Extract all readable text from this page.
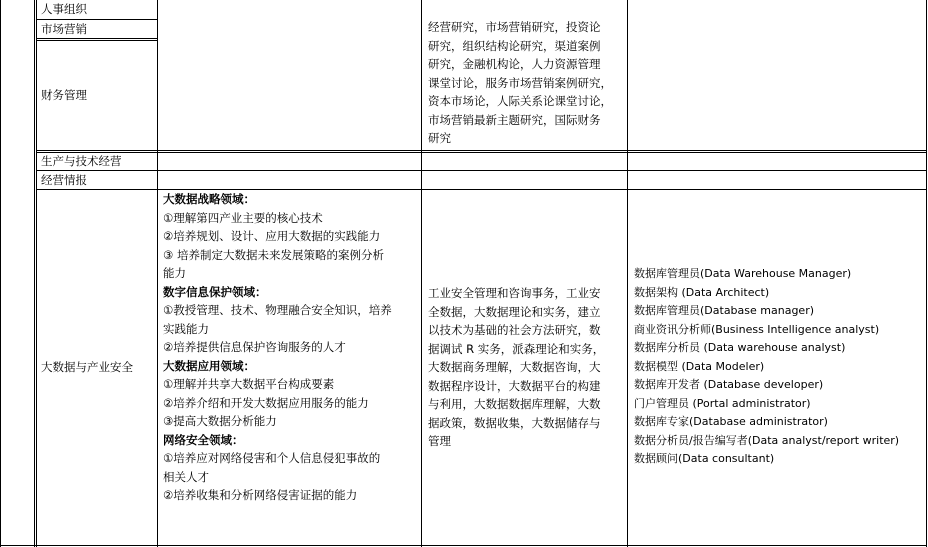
人事组织
市场营销
财务管理
生产与技术经营
经营情报
大数据与产业安全
经营研究，市场营销研究，投资论
研究，组织结构论研究，渠道案例
研究，金融机构论，人力资源管理
课堂讨论，服务市场营销案例研究，
资本市场论，人际关系论课堂讨论，
市场营销最新主题研究，国际财务
研究
大数据战略领域：
①理解第四产业主要的核心技术
②培养规划、设计、应用大数据的实践能力
③ 培养制定大数据未来发展策略的案例分析
能力
数字信息保护领域：
①教授管理、技术、物理融合安全知识，培养
实践能力
②培养提供信息保护咨询服务的人才
大数据应用领域：
①理解并共享大数据平台构成要素
②培养介绍和开发大数据应用服务的能力
③提高大数据分析能力
网络安全领域：
①培养应对网络侵害和个人信息侵犯事故的
相关人才
②培养收集和分析网络侵害证据的能力
工业安全管理和咨询事务，工业安
全数据，大数据理论和实务，建立
以技术为基础的社会方法研究，数
据调试 R 实务，派森理论和实务，
大数据商务理解，大数据咨询，大
数据程序设计，大数据平台的构建
与利用，大数据数据库理解，大数
据政策，数据收集，大数据储存与
管理
数据库管理员(Data Warehouse Manager)
数据架构 (Data Architect)
数据库管理员(Database manager)
商业资讯分析师(Business Intelligence analyst)
数据库分析员 (Data warehouse analyst)
数据模型 (Data Modeler)
数据库开发者 (Database developer)
门户管理员 (Portal administrator)
数据库专家(Database administrator)
数据分析员/报告编写者(Data analyst/report writer)
数据顾问(Data consultant)
